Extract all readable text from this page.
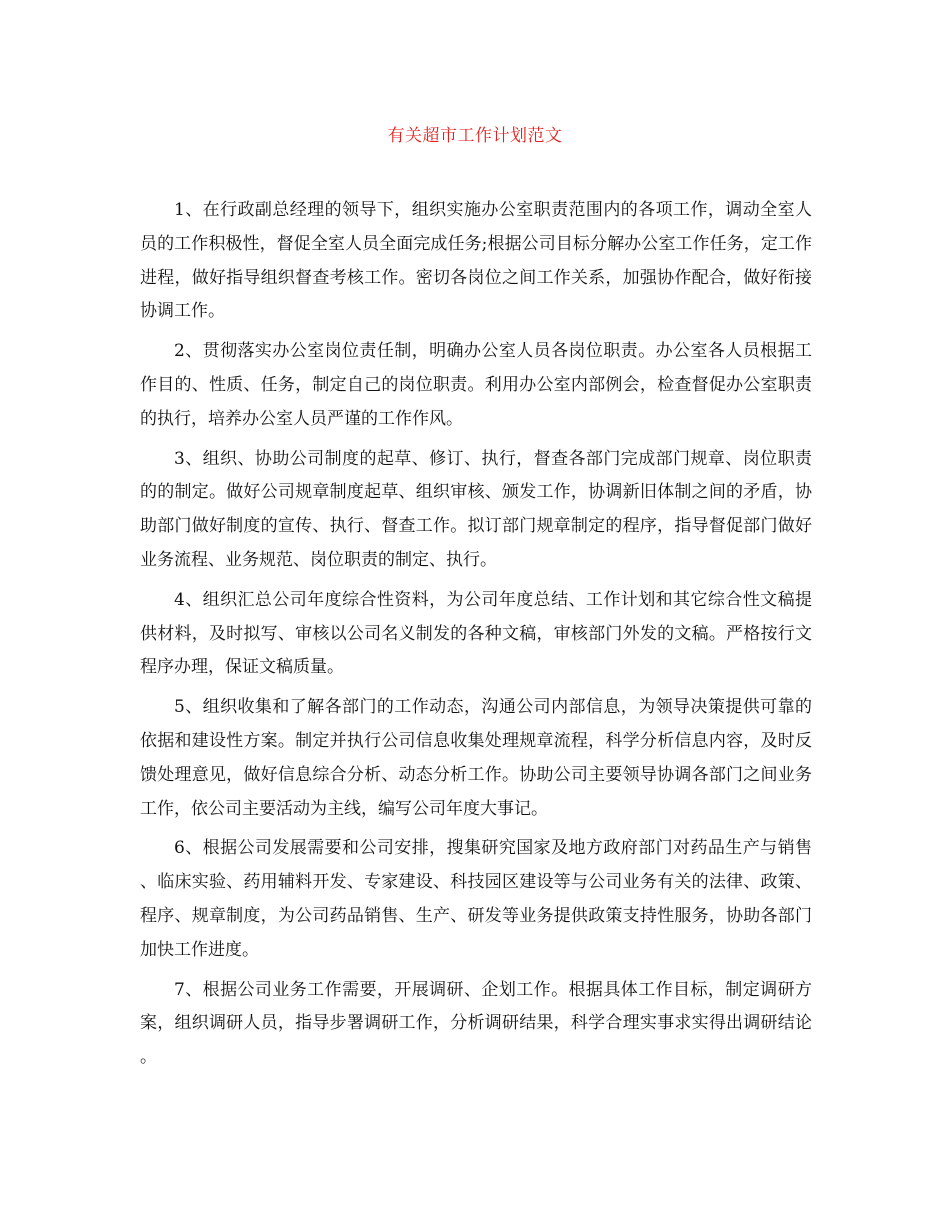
有关超市工作计划范文

1、在行政副总经理的领导下，组织实施办公室职责范围内的各项工作，调动全室人员的工作积极性，督促全室人员全面完成任务;根据公司目标分解办公室工作任务，定工作进程，做好指导组织督查考核工作。密切各岗位之间工作关系，加强协作配合，做好衔接协调工作。

2、贯彻落实办公室岗位责任制，明确办公室人员各岗位职责。办公室各人员根据工作目的、性质、任务，制定自己的岗位职责。利用办公室内部例会，检查督促办公室职责的执行，培养办公室人员严谨的工作作风。

3、组织、协助公司制度的起草、修订、执行，督查各部门完成部门规章、岗位职责的的制定。做好公司规章制度起草、组织审核、颁发工作，协调新旧体制之间的矛盾，协助部门做好制度的宣传、执行、督查工作。拟订部门规章制定的程序，指导督促部门做好业务流程、业务规范、岗位职责的制定、执行。

4、组织汇总公司年度综合性资料，为公司年度总结、工作计划和其它综合性文稿提供材料，及时拟写、审核以公司名义制发的各种文稿，审核部门外发的文稿。严格按行文程序办理，保证文稿质量。

5、组织收集和了解各部门的工作动态，沟通公司内部信息，为领导决策提供可靠的依据和建设性方案。制定并执行公司信息收集处理规章流程，科学分析信息内容，及时反馈处理意见，做好信息综合分析、动态分析工作。协助公司主要领导协调各部门之间业务工作，依公司主要活动为主线，编写公司年度大事记。

6、根据公司发展需要和公司安排，搜集研究国家及地方政府部门对药品生产与销售、临床实验、药用辅料开发、专家建设、科技园区建设等与公司业务有关的法律、政策、程序、规章制度，为公司药品销售、生产、研发等业务提供政策支持性服务，协助各部门加快工作进度。

7、根据公司业务工作需要，开展调研、企划工作。根据具体工作目标，制定调研方案，组织调研人员，指导步署调研工作，分析调研结果，科学合理实事求实得出调研结论。
